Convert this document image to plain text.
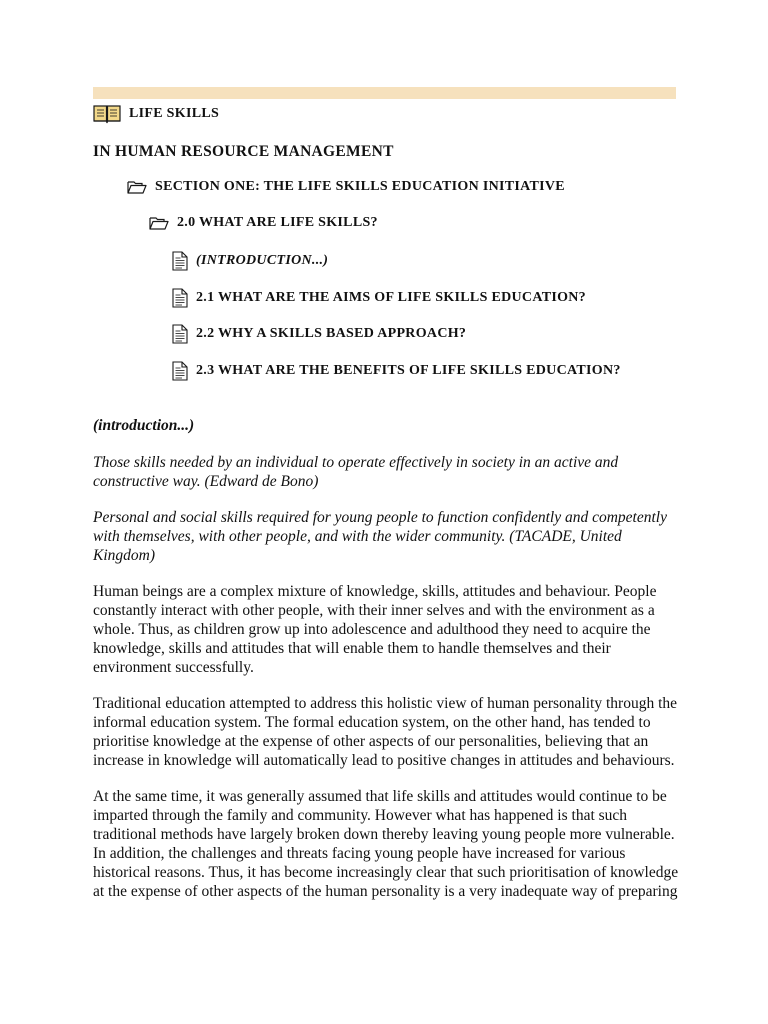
LIFE SKILLS
IN HUMAN RESOURCE MANAGEMENT
SECTION ONE: THE LIFE SKILLS EDUCATION INITIATIVE
2.0 WHAT ARE LIFE SKILLS?
(INTRODUCTION...)
2.1 WHAT ARE THE AIMS OF LIFE SKILLS EDUCATION?
2.2 WHY A SKILLS BASED APPROACH?
2.3 WHAT ARE THE BENEFITS OF LIFE SKILLS EDUCATION?

(introduction...)

Those skills needed by an individual to operate effectively in society in an active and constructive way. (Edward de Bono)

Personal and social skills required for young people to function confidently and competently with themselves, with other people, and with the wider community. (TACADE, United Kingdom)

Human beings are a complex mixture of knowledge, skills, attitudes and behaviour. People constantly interact with other people, with their inner selves and with the environment as a whole. Thus, as children grow up into adolescence and adulthood they need to acquire the knowledge, skills and attitudes that will enable them to handle themselves and their environment successfully.

Traditional education attempted to address this holistic view of human personality through the informal education system. The formal education system, on the other hand, has tended to prioritise knowledge at the expense of other aspects of our personalities, believing that an increase in knowledge will automatically lead to positive changes in attitudes and behaviours.

At the same time, it was generally assumed that life skills and attitudes would continue to be imparted through the family and community. However what has happened is that such traditional methods have largely broken down thereby leaving young people more vulnerable. In addition, the challenges and threats facing young people have increased for various historical reasons. Thus, it has become increasingly clear that such prioritisation of knowledge at the expense of other aspects of the human personality is a very inadequate way of preparing
